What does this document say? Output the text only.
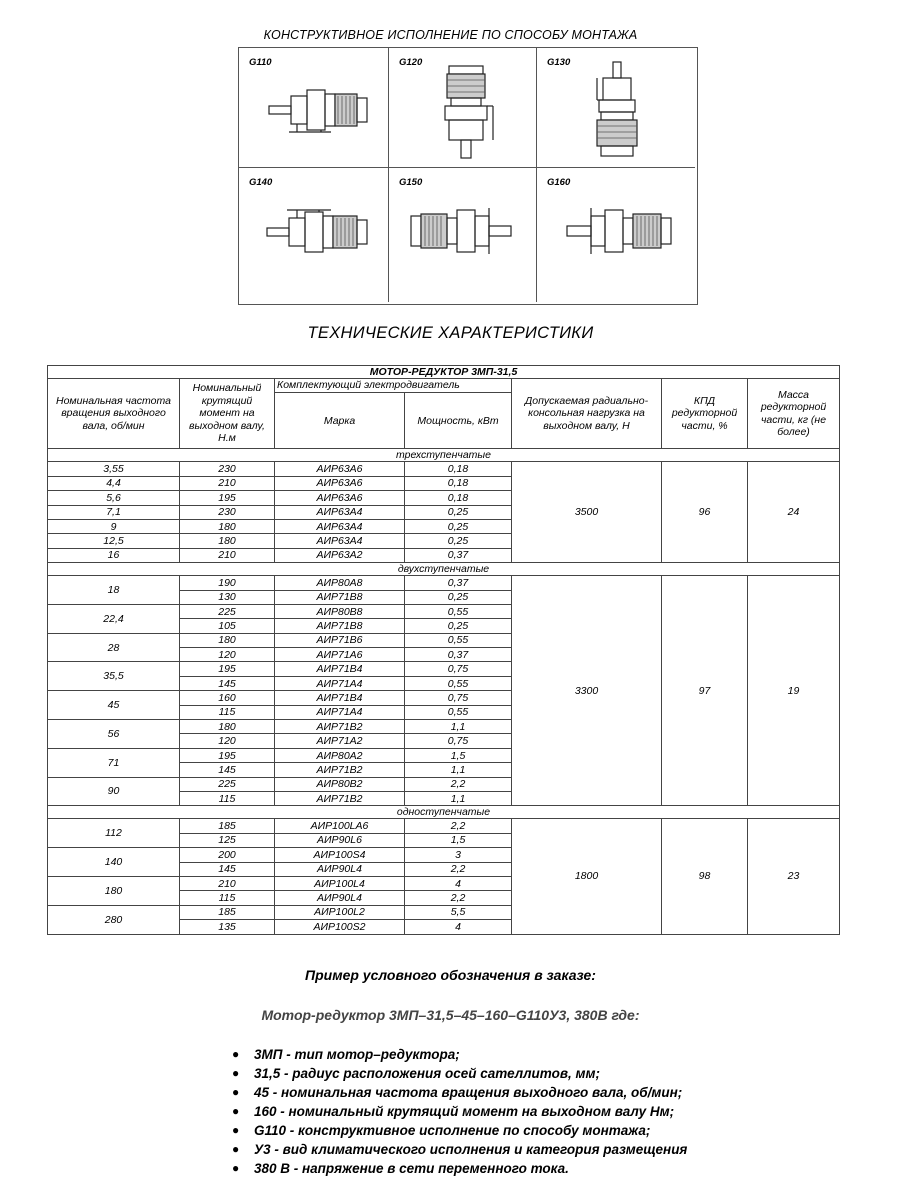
КОНСТРУКТИВНОЕ ИСПОЛНЕНИЕ ПО СПОСОБУ МОНТАЖА
G110	G120	G130
G140	G150	G160
ТЕХНИЧЕСКИЕ ХАРАКТЕРИСТИКИ
МОТОР-РЕДУКТОР 3МП-31,5						
Номинальная частота вращения выходного вала, об/мин	Номинальный крутящий момент на выходном валу, Н.м	Комплектующий электродвигатель		Допускаемая радиально-консольная нагрузка на выходном валу, Н	КПД редукторной части, %	Масса редукторной части, кг (не более)
		Марка	Мощность, кВт			
трехступенчатые						
3,55	230	АИР63А6	0,18	3500	96	24
4,4	210	АИР63А6	0,18			
5,6	195	АИР63А6	0,18			
7,1	230	АИР63А4	0,25			
9	180	АИР63А4	0,25			
12,5	180	АИР63А4	0,25			
16	210	АИР63А2	0,37			
двухступенчатые						
18	190	АИР80А8	0,37	3300	97	19
	130	АИР71В8	0,25			
22,4	225	АИР80В8	0,55			
	105	АИР71В8	0,25			
28	180	АИР71В6	0,55			
	120	АИР71А6	0,37			
35,5	195	АИР71В4	0,75			
	145	АИР71А4	0,55			
45	160	АИР71В4	0,75			
	115	АИР71А4	0,55			
56	180	АИР71В2	1,1			
	120	АИР71А2	0,75			
71	195	АИР80А2	1,5			
	145	АИР71В2	1,1			
90	225	АИР80В2	2,2			
	115	АИР71В2	1,1			
одноступенчатые						
112	185	АИР100LА6	2,2	1800	98	23
	125	АИР90L6	1,5			
140	200	АИР100S4	3			
	145	АИР90L4	2,2			
180	210	АИР100L4	4			
	115	АИР90L4	2,2			
280	185	АИР100L2	5,5			
	135	АИР100S2	4			
Пример условного обозначения в заказе:
Мотор-редуктор 3МП–31,5–45–160–G110У3, 380В где:
● 3МП - тип мотор–редуктора;
● 31,5 - радиус расположения осей сателлитов, мм;
● 45 - номинальная частота вращения выходного вала, об/мин;
● 160 - номинальный крутящий момент на выходном валу Нм;
● G110 - конструктивное исполнение по способу монтажа;
● У3 - вид климатического исполнения и категория размещения
● 380 В - напряжение в сети переменного тока.
